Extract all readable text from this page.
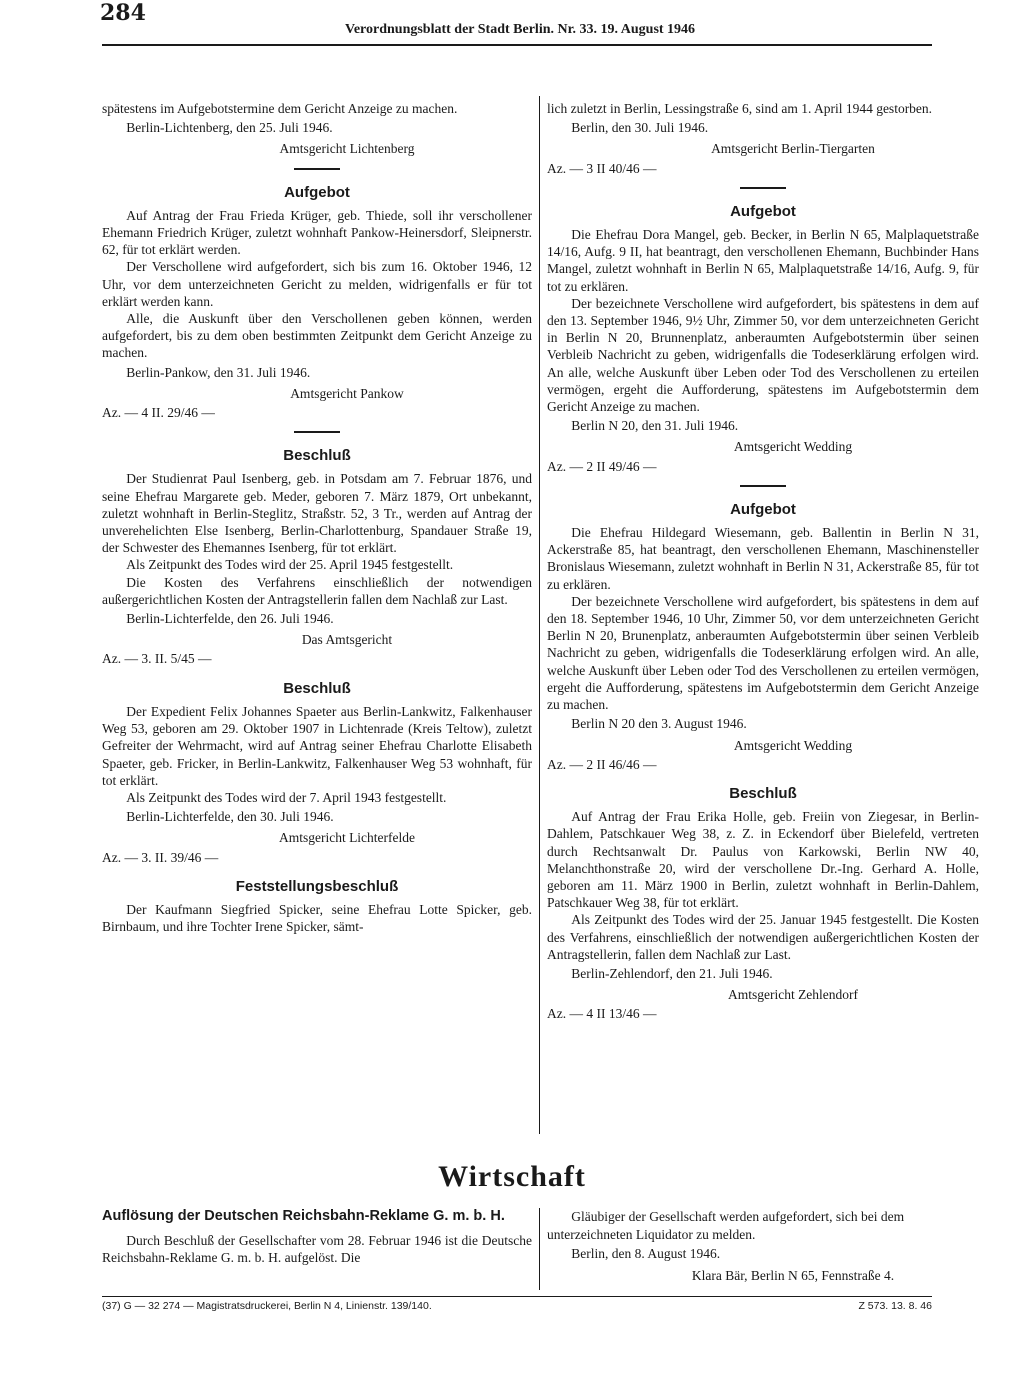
284
Verordnungsblatt der Stadt Berlin. Nr. 33. 19. August 1946

spätestens im Aufgebotstermine dem Gericht Anzeige zu machen.

Berlin-Lichtenberg, den 25. Juli 1946.

Amtsgericht Lichtenberg

Aufgebot

Auf Antrag der Frau Frieda Krüger, geb. Thiede, soll ihr verschollener Ehemann Friedrich Krüger, zuletzt wohnhaft Pankow-Heinersdorf, Sleipnerstr. 62, für tot erklärt werden.

Der Verschollene wird aufgefordert, sich bis zum 16. Oktober 1946, 12 Uhr, vor dem unterzeichneten Gericht zu melden, widrigenfalls er für tot erklärt werden kann.

Alle, die Auskunft über den Verschollenen geben können, werden aufgefordert, bis zu dem oben bestimmten Zeitpunkt dem Gericht Anzeige zu machen.

Berlin-Pankow, den 31. Juli 1946.

Amtsgericht Pankow

Az. — 4 II. 29/46 —

Beschluß

Der Studienrat Paul Isenberg, geb. in Potsdam am 7. Februar 1876, und seine Ehefrau Margarete geb. Meder, geboren 7. März 1879, Ort unbekannt, zuletzt wohnhaft in Berlin-Steglitz, Straßstr. 52, 3 Tr., werden auf Antrag der unverehelichten Else Isenberg, Berlin-Charlottenburg, Spandauer Straße 19, der Schwester des Ehemannes Isenberg, für tot erklärt.

Als Zeitpunkt des Todes wird der 25. April 1945 festgestellt.

Die Kosten des Verfahrens einschließlich der notwendigen außergerichtlichen Kosten der Antragstellerin fallen dem Nachlaß zur Last.

Berlin-Lichterfelde, den 26. Juli 1946.

Das Amtsgericht

Az. — 3. II. 5/45 —

Beschluß

Der Expedient Felix Johannes Spaeter aus Berlin-Lankwitz, Falkenhauser Weg 53, geboren am 29. Oktober 1907 in Lichtenrade (Kreis Teltow), zuletzt Gefreiter der Wehrmacht, wird auf Antrag seiner Ehefrau Charlotte Elisabeth Spaeter, geb. Fricker, in Berlin-Lankwitz, Falkenhauser Weg 53 wohnhaft, für tot erklärt.

Als Zeitpunkt des Todes wird der 7. April 1943 festgestellt.

Berlin-Lichterfelde, den 30. Juli 1946.

Amtsgericht Lichterfelde

Az. — 3. II. 39/46 —

Feststellungsbeschluß

Der Kaufmann Siegfried Spicker, seine Ehefrau Lotte Spicker, geb. Birnbaum, und ihre Tochter Irene Spicker, sämt-

lich zuletzt in Berlin, Lessingstraße 6, sind am 1. April 1944 gestorben.

Berlin, den 30. Juli 1946.

Amtsgericht Berlin-Tiergarten

Az. — 3 II 40/46 —

Aufgebot

Die Ehefrau Dora Mangel, geb. Becker, in Berlin N 65, Malplaquetstraße 14/16, Aufg. 9 II, hat beantragt, den verschollenen Ehemann, Buchbinder Hans Mangel, zuletzt wohnhaft in Berlin N 65, Malplaquetstraße 14/16, Aufg. 9, für tot zu erklären.

Der bezeichnete Verschollene wird aufgefordert, bis spätestens in dem auf den 13. September 1946, 9½ Uhr, Zimmer 50, vor dem unterzeichneten Gericht in Berlin N 20, Brunnenplatz, anberaumten Aufgebotstermin über seinen Verbleib Nachricht zu geben, widrigenfalls die Todeserklärung erfolgen wird. An alle, welche Auskunft über Leben oder Tod des Verschollenen zu erteilen vermögen, ergeht die Aufforderung, spätestens im Aufgebotstermin dem Gericht Anzeige zu machen.

Berlin N 20, den 31. Juli 1946.

Amtsgericht Wedding

Az. — 2 II 49/46 —

Aufgebot

Die Ehefrau Hildegard Wiesemann, geb. Ballentin in Berlin N 31, Ackerstraße 85, hat beantragt, den verschollenen Ehemann, Maschinensteller Bronislaus Wiesemann, zuletzt wohnhaft in Berlin N 31, Ackerstraße 85, für tot zu erklären.

Der bezeichnete Verschollene wird aufgefordert, bis spätestens in dem auf den 18. September 1946, 10 Uhr, Zimmer 50, vor dem unterzeichneten Gericht Berlin N 20, Brunenplatz, anberaumten Aufgebotstermin über seinen Verbleib Nachricht zu geben, widrigenfalls die Todeserklärung erfolgen wird. An alle, welche Auskunft über Leben oder Tod des Verschollenen zu erteilen vermögen, ergeht die Aufforderung, spätestens im Aufgebotstermin dem Gericht Anzeige zu machen.

Berlin N 20 den 3. August 1946.

Amtsgericht Wedding

Az. — 2 II 46/46 —

Beschluß

Auf Antrag der Frau Erika Holle, geb. Freiin von Ziegesar, in Berlin-Dahlem, Patschkauer Weg 38, z. Z. in Eckendorf über Bielefeld, vertreten durch Rechtsanwalt Dr. Paulus von Karkowski, Berlin NW 40, Melanchthonstraße 20, wird der verschollene Dr.-Ing. Gerhard A. Holle, geboren am 11. März 1900 in Berlin, zuletzt wohnhaft in Berlin-Dahlem, Patschkauer Weg 38, für tot erklärt.

Als Zeitpunkt des Todes wird der 25. Januar 1945 festgestellt. Die Kosten des Verfahrens, einschließlich der notwendigen außergerichtlichen Kosten der Antragstellerin, fallen dem Nachlaß zur Last.

Berlin-Zehlendorf, den 21. Juli 1946.

Amtsgericht Zehlendorf

Az. — 4 II 13/46 —

Wirtschaft
Auflösung der Deutschen Reichsbahn-Reklame G. m. b. H.

Durch Beschluß der Gesellschafter vom 28. Februar 1946 ist die Deutsche Reichsbahn-Reklame G. m. b. H. aufgelöst. Die

Gläubiger der Gesellschaft werden aufgefordert, sich bei dem unterzeichneten Liquidator zu melden.

Berlin, den 8. August 1946.

Klara Bär, Berlin N 65, Fennstraße 4.

(37) G — 32 274 — Magistratsdruckerei, Berlin N 4, Linienstr. 139/140.	Z 573. 13. 8. 46
